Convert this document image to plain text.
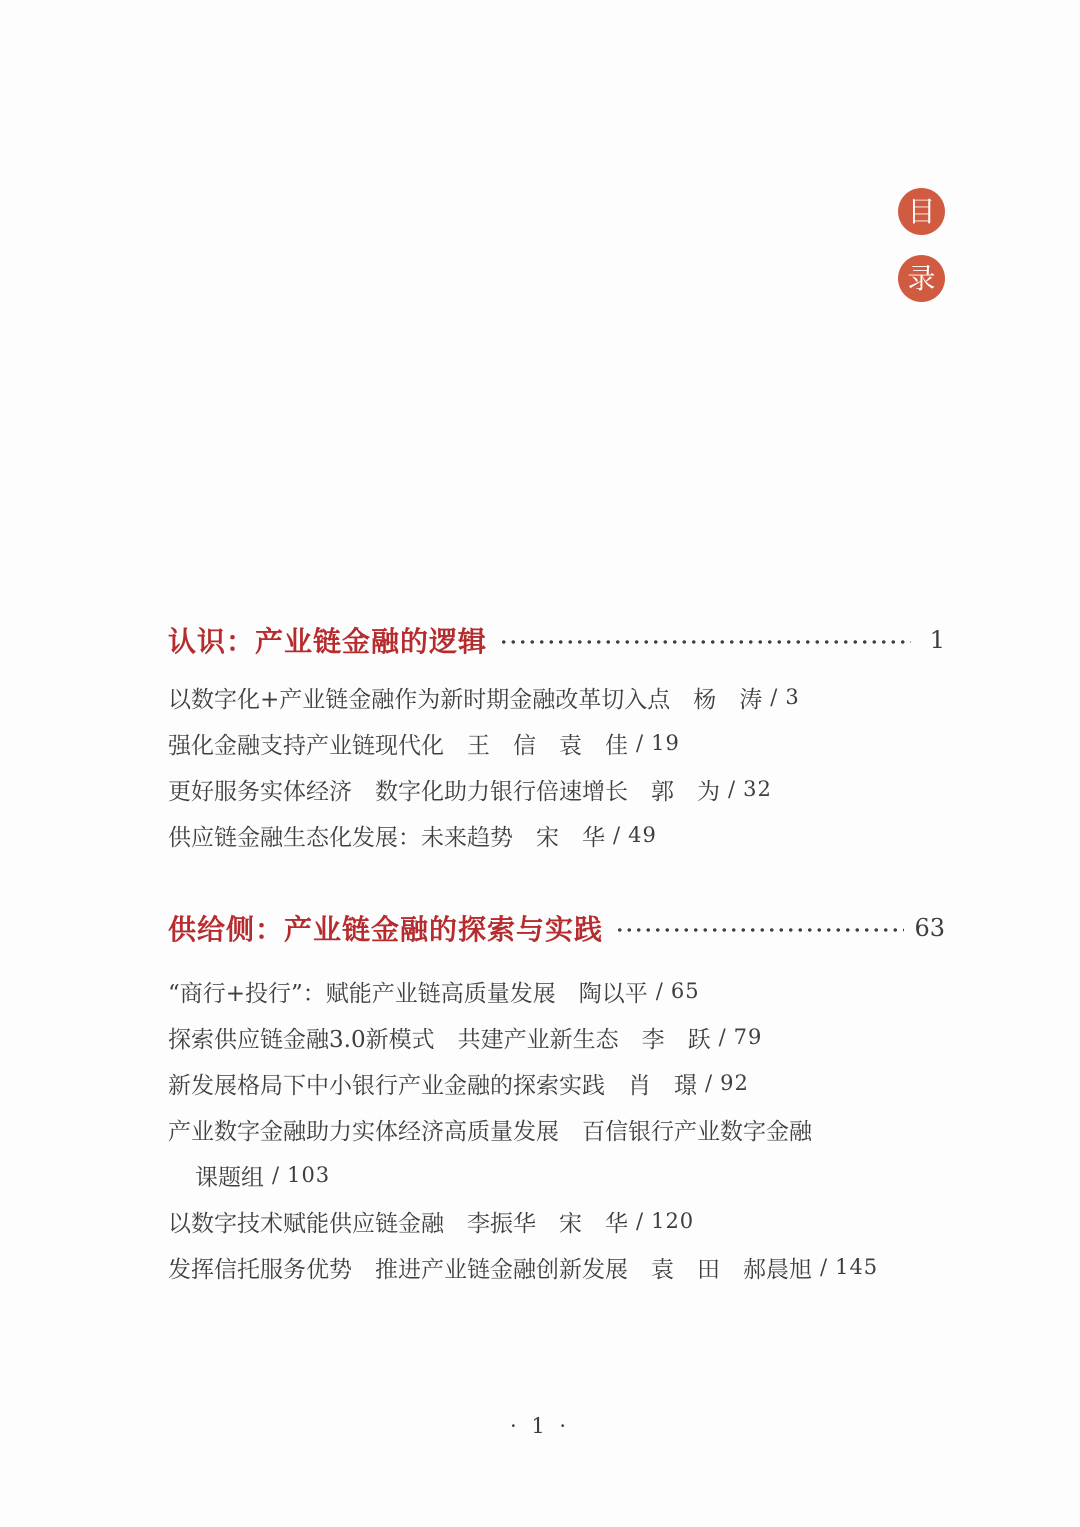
目
录
认识：产业链金融的逻辑	1
以数字化+产业链金融作为新时期金融改革切入点 杨　涛 / 3
强化金融支持产业链现代化 王　信　袁　佳 / 19
更好服务实体经济　数字化助力银行倍速增长 郭　为 / 32
供应链金融生态化发展：未来趋势 宋　华 / 49
供给侧：产业链金融的探索与实践	63
“商行+投行”：赋能产业链高质量发展 陶以平 / 65
探索供应链金融3.0新模式　共建产业新生态 李　跃 / 79
新发展格局下中小银行产业金融的探索实践 肖　璟 / 92
产业数字金融助力实体经济高质量发展 百信银行产业数字金融
课题组 / 103
以数字技术赋能供应链金融 李振华　宋　华 / 120
发挥信托服务优势　推进产业链金融创新发展 袁　田　郝晨旭 / 145
· 1 ·
